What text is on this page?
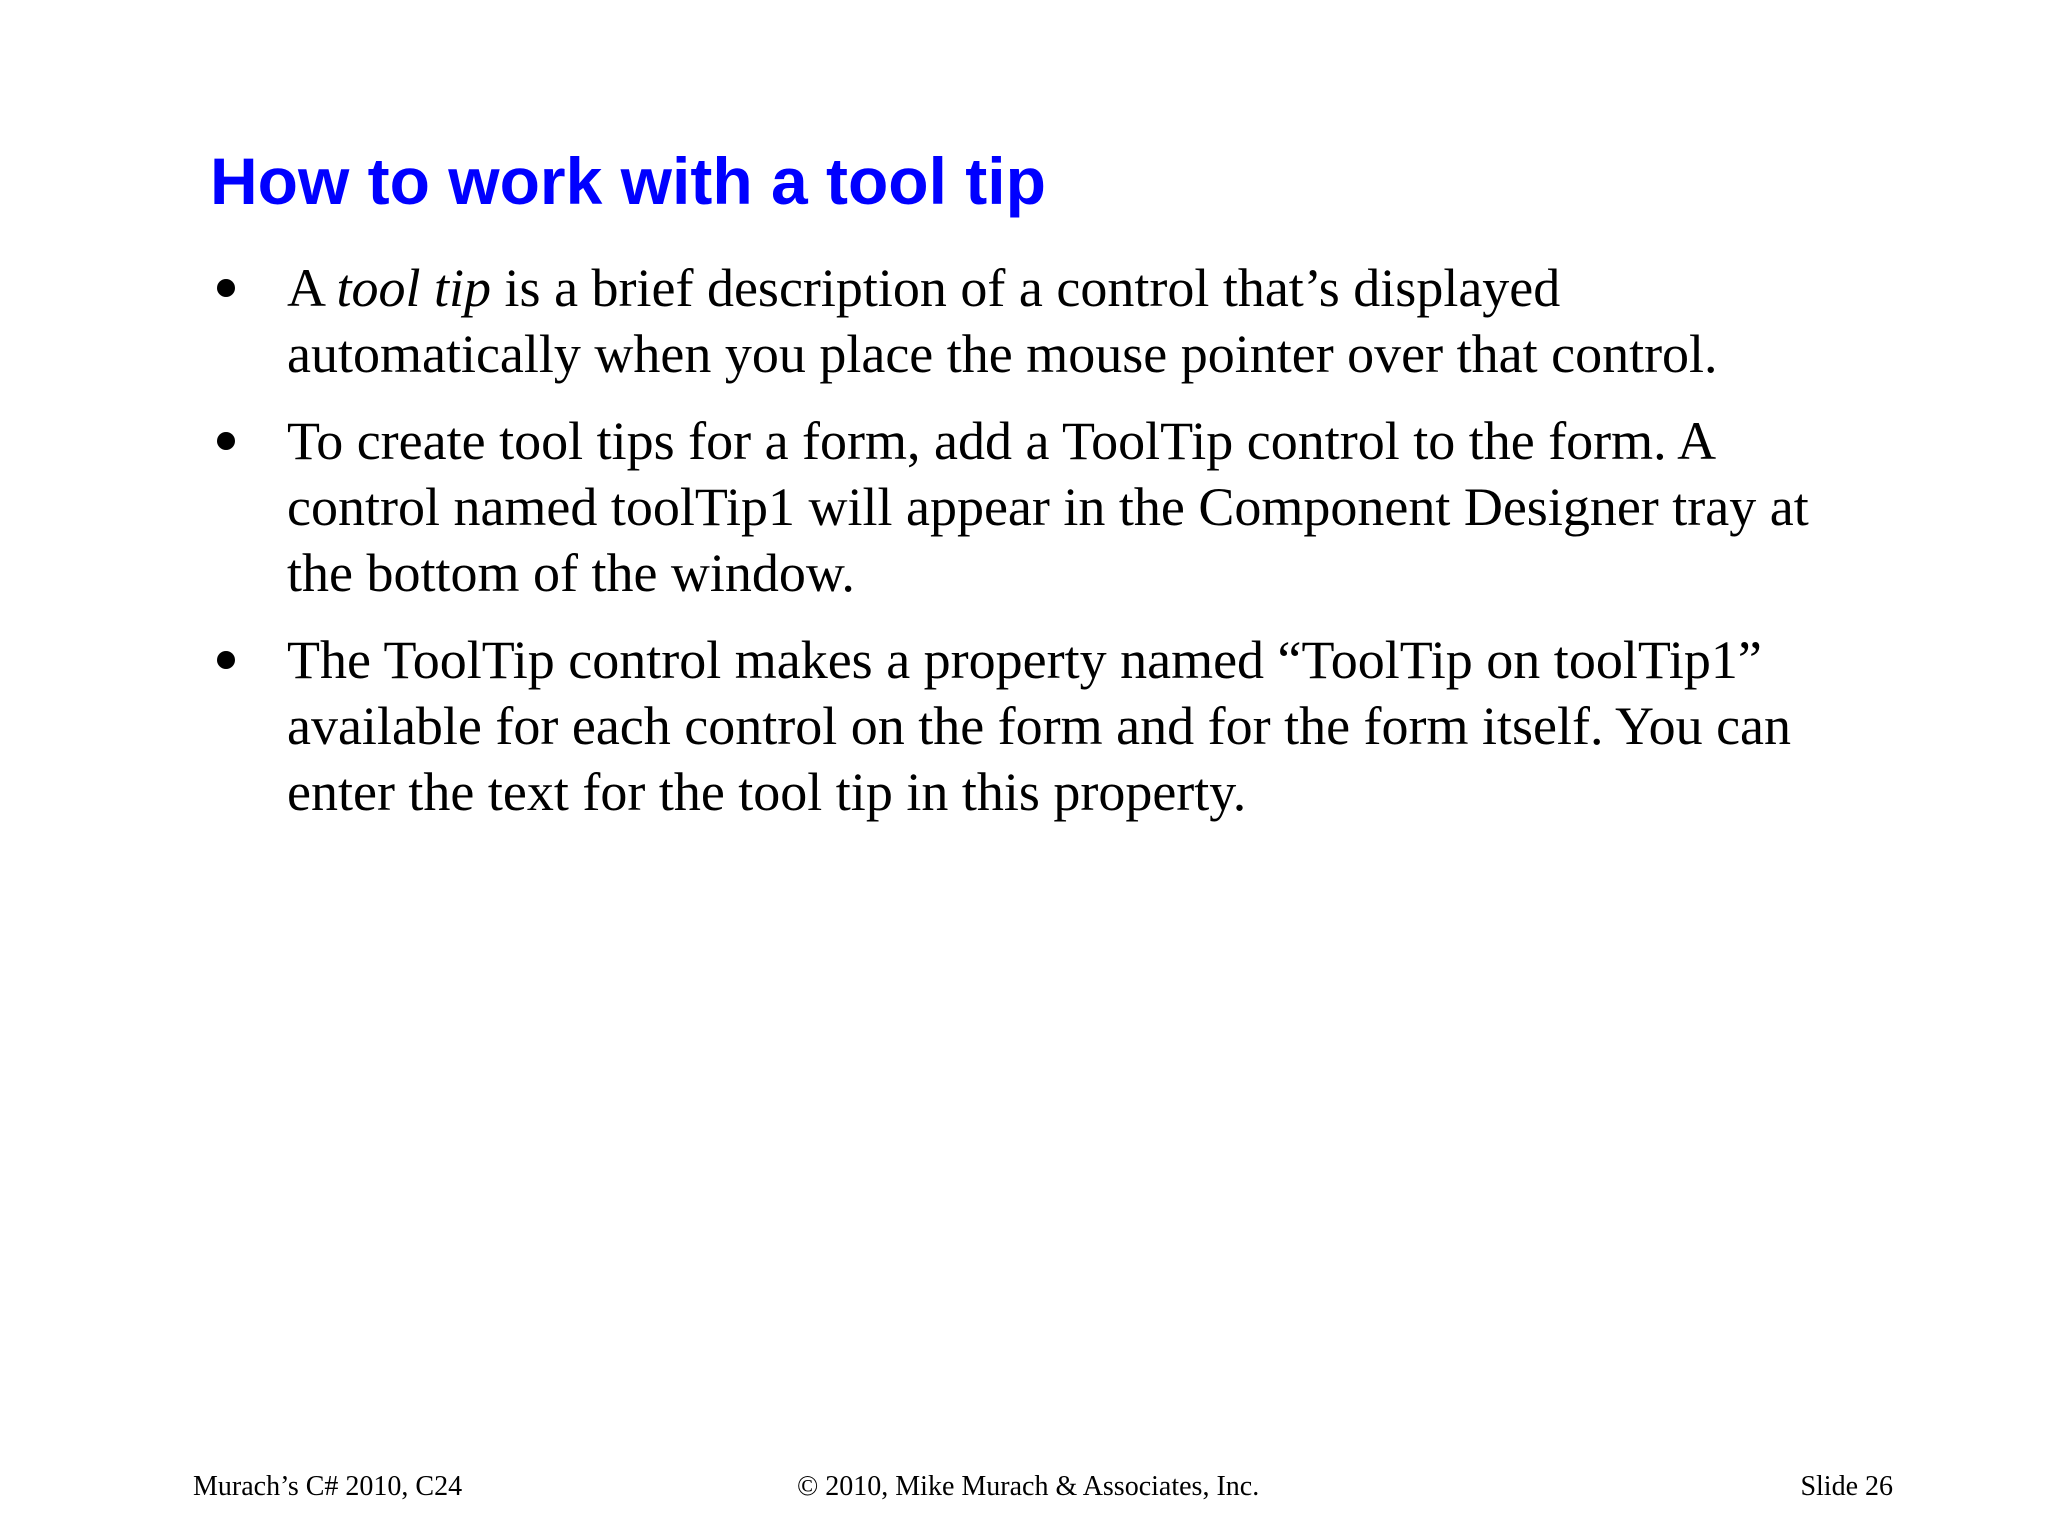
How to work with a tool tip
A tool tip is a brief description of a control that’s displayed automatically when you place the mouse pointer over that control.
To create tool tips for a form, add a ToolTip control to the form. A control named toolTip1 will appear in the Component Designer tray at the bottom of the window.
The ToolTip control makes a property named “ToolTip on toolTip1” available for each control on the form and for the form itself. You can enter the text for the tool tip in this property.
Murach’s C# 2010, C24	© 2010, Mike Murach & Associates, Inc.	Slide 26
